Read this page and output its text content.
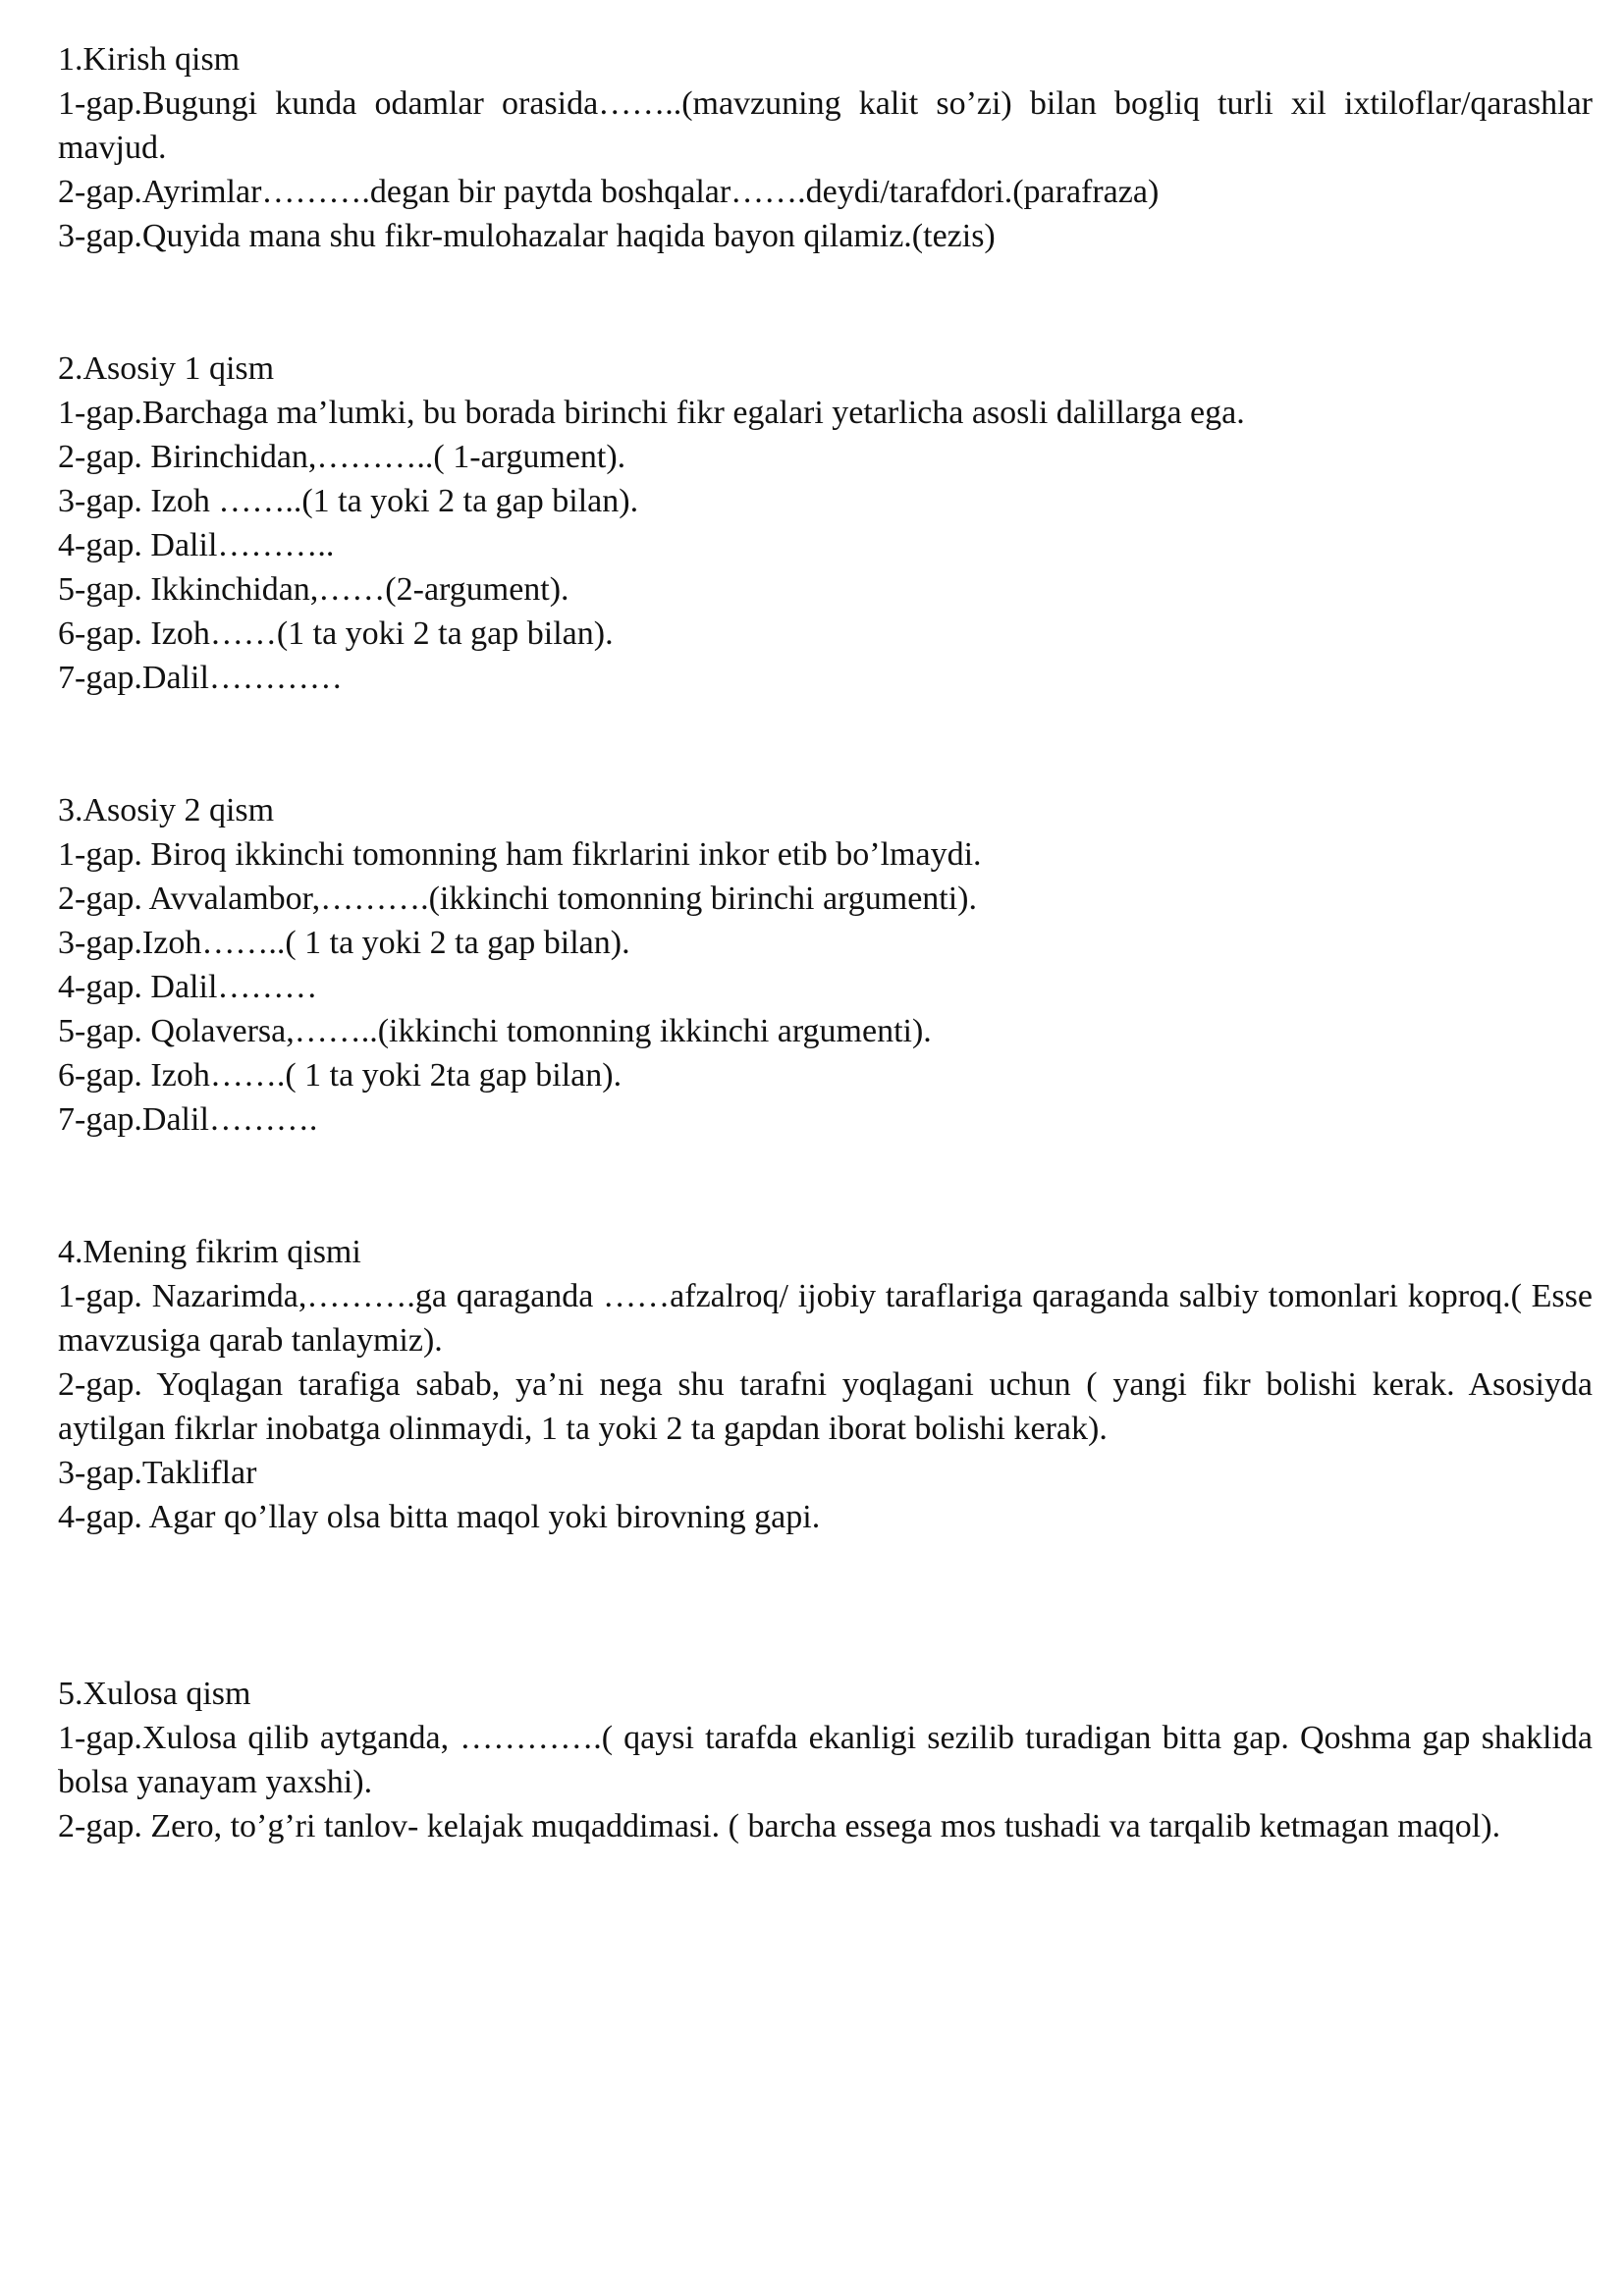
1.Kirish qism
1-gap.Bugungi kunda odamlar orasida……..(mavzuning kalit so’zi) bilan bogliq turli xil ixtiloflar/qarashlar mavjud.
2-gap.Ayrimlar……….degan bir paytda boshqalar…….deydi/tarafdori.(parafraza)
3-gap.Quyida mana shu fikr-mulohazalar haqida bayon qilamiz.(tezis)
2.Asosiy 1 qism
1-gap.Barchaga ma’lumki, bu borada birinchi fikr egalari yetarlicha asosli dalillarga ega.
2-gap. Birinchidan,………..( 1-argument).
3-gap. Izoh ……..(1 ta yoki 2 ta gap bilan).
4-gap. Dalil………..
5-gap. Ikkinchidan,……(2-argument).
6-gap. Izoh……(1 ta yoki 2 ta gap bilan).
7-gap.Dalil…………
3.Asosiy 2 qism
1-gap. Biroq ikkinchi tomonning ham fikrlarini inkor etib bo’lmaydi.
2-gap. Avvalambor,……….(ikkinchi tomonning birinchi argumenti).
3-gap.Izoh……..( 1 ta yoki 2 ta gap bilan).
4-gap. Dalil………
5-gap. Qolaversa,……..(ikkinchi tomonning ikkinchi argumenti).
6-gap. Izoh…….( 1 ta yoki 2ta gap bilan).
7-gap.Dalil……….
4.Mening fikrim qismi
1-gap. Nazarimda,……….ga qaraganda ……afzalroq/ ijobiy taraflariga qaraganda salbiy tomonlari koproq.( Esse mavzusiga qarab tanlaymiz).
2-gap. Yoqlagan tarafiga sabab, ya’ni nega shu tarafni yoqlagani uchun ( yangi fikr bolishi kerak. Asosiyda aytilgan fikrlar inobatga olinmaydi, 1 ta yoki 2 ta gapdan iborat bolishi kerak).
3-gap.Takliflar
4-gap. Agar qo’llay olsa bitta maqol yoki birovning gapi.
5.Xulosa qism
1-gap.Xulosa qilib aytganda, ………….( qaysi tarafda ekanligi sezilib turadigan bitta gap. Qoshma gap shaklida bolsa yanayam yaxshi).
2-gap. Zero, to’g’ri tanlov- kelajak muqaddimasi. ( barcha essega mos tushadi va tarqalib ketmagan maqol).
